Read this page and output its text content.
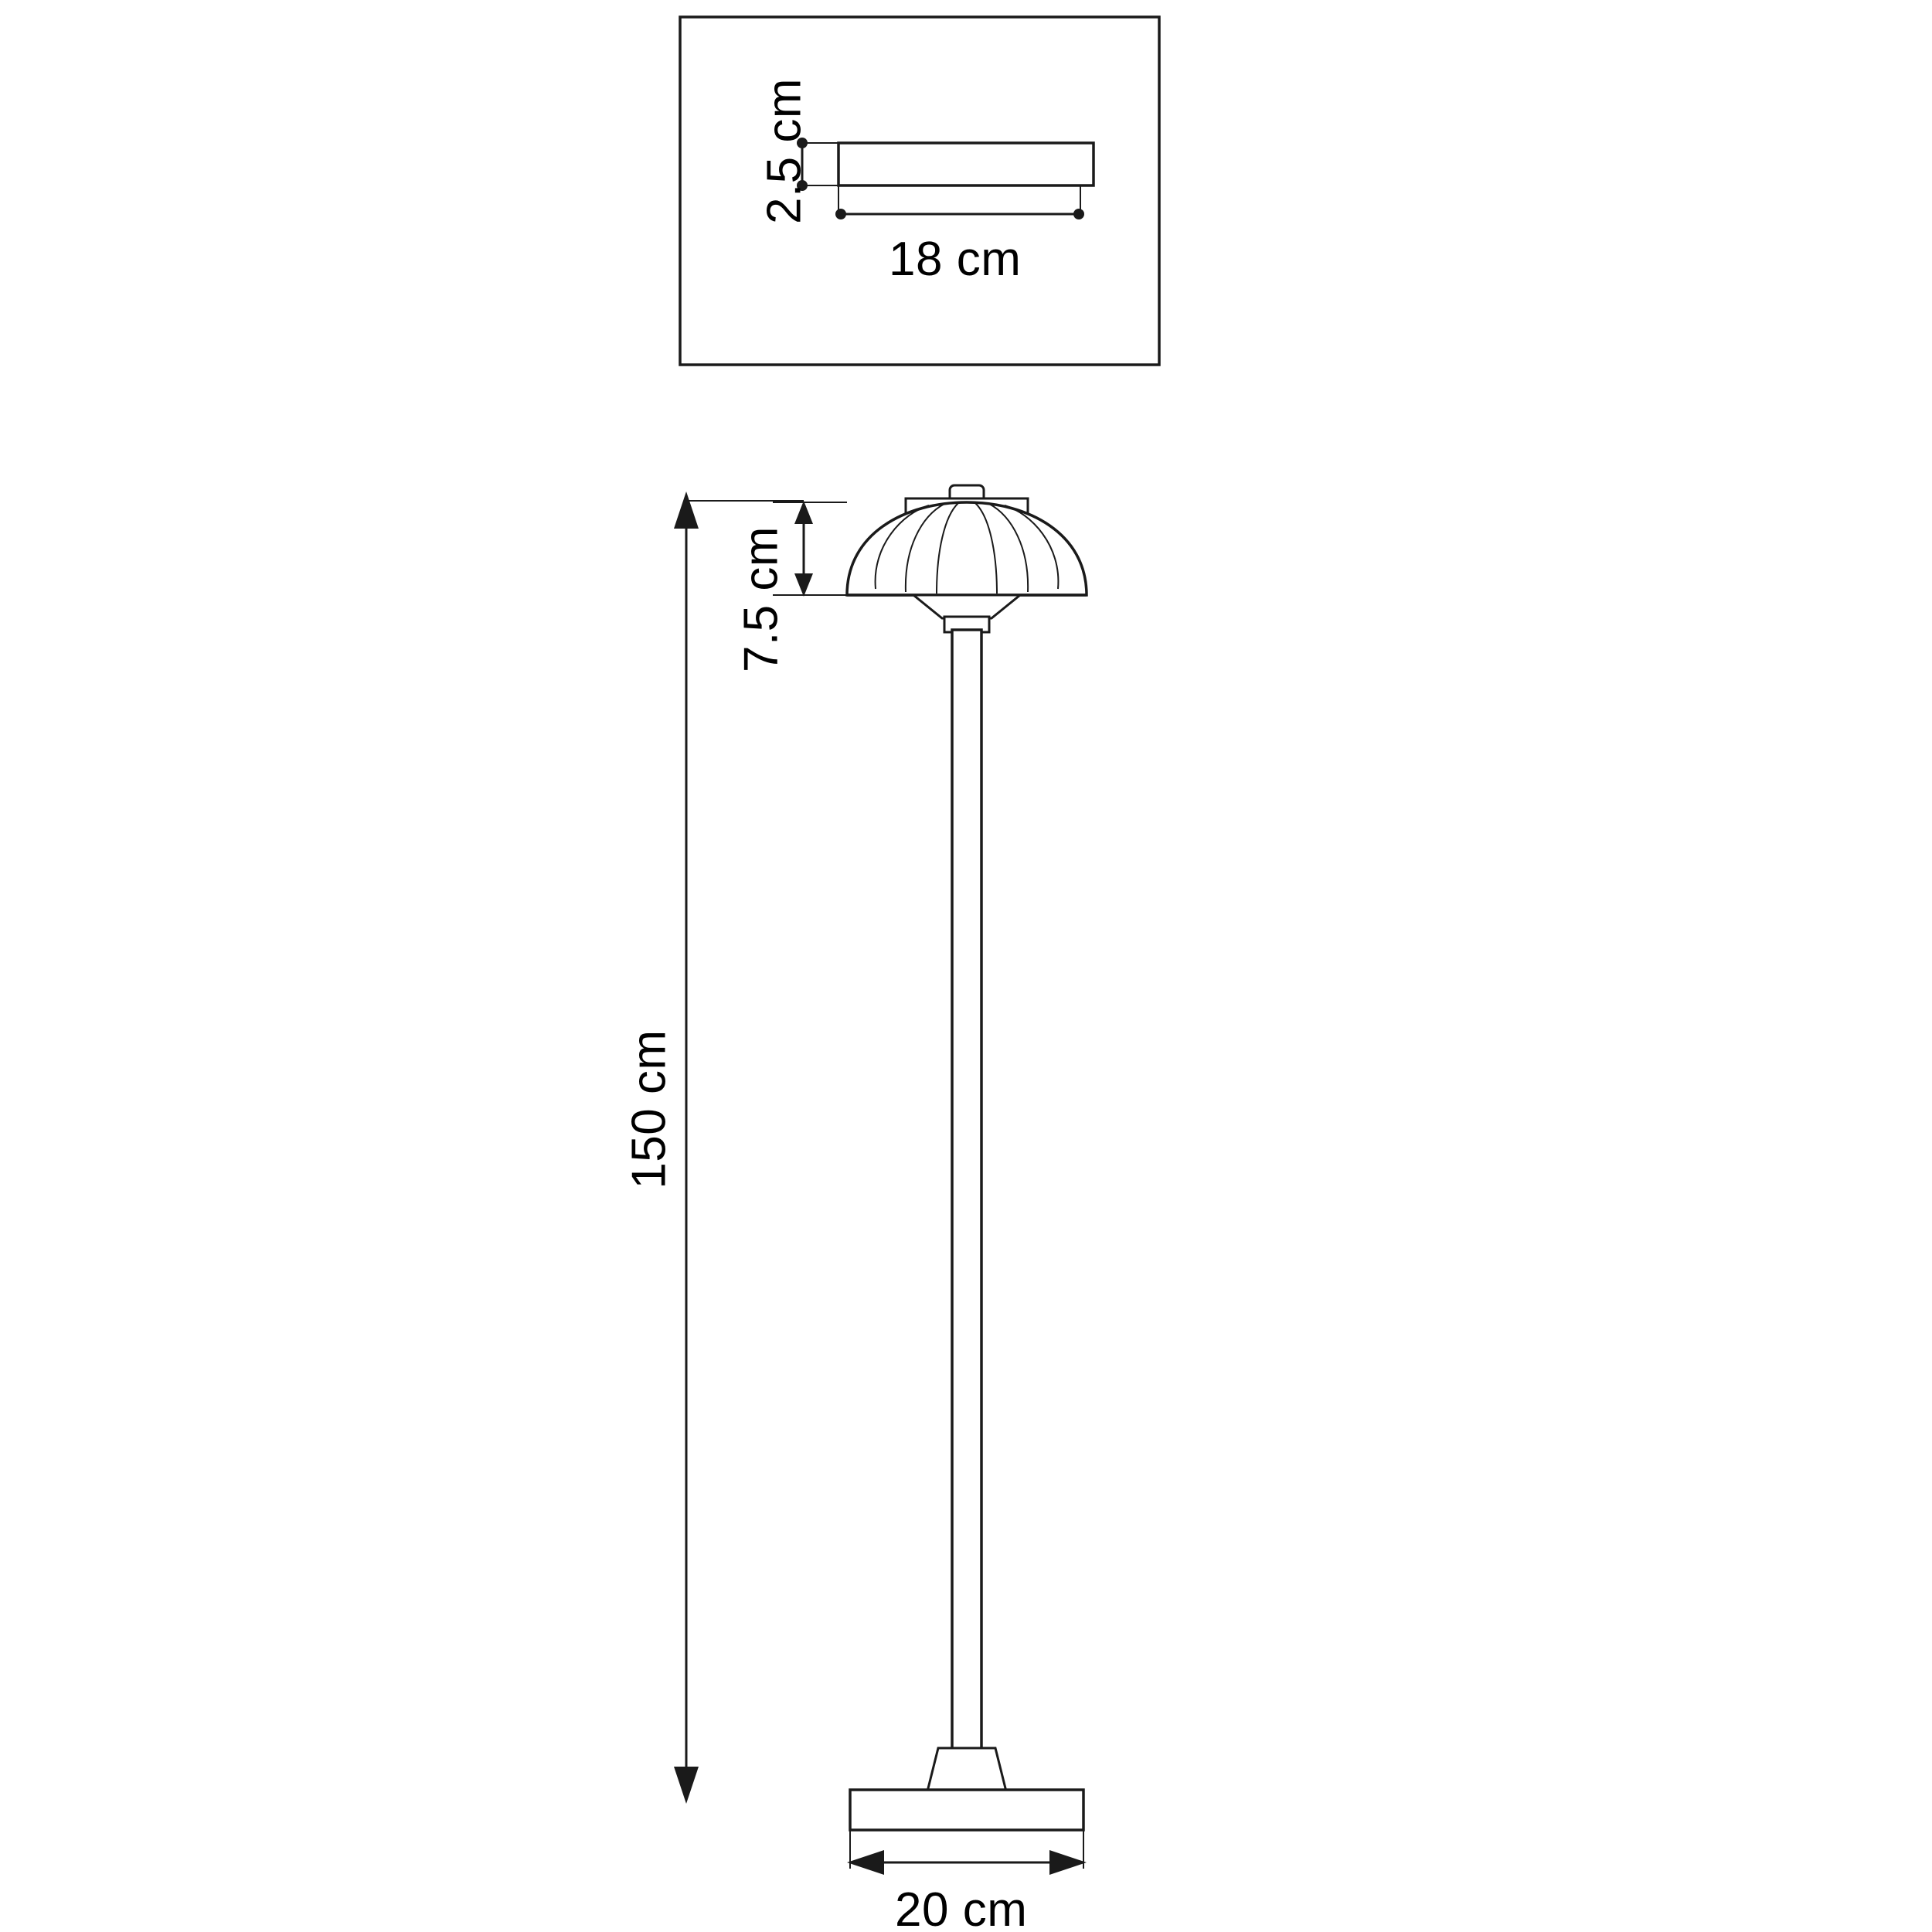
2.5 cm
18 cm
7.5 cm
150 cm
20 cm
